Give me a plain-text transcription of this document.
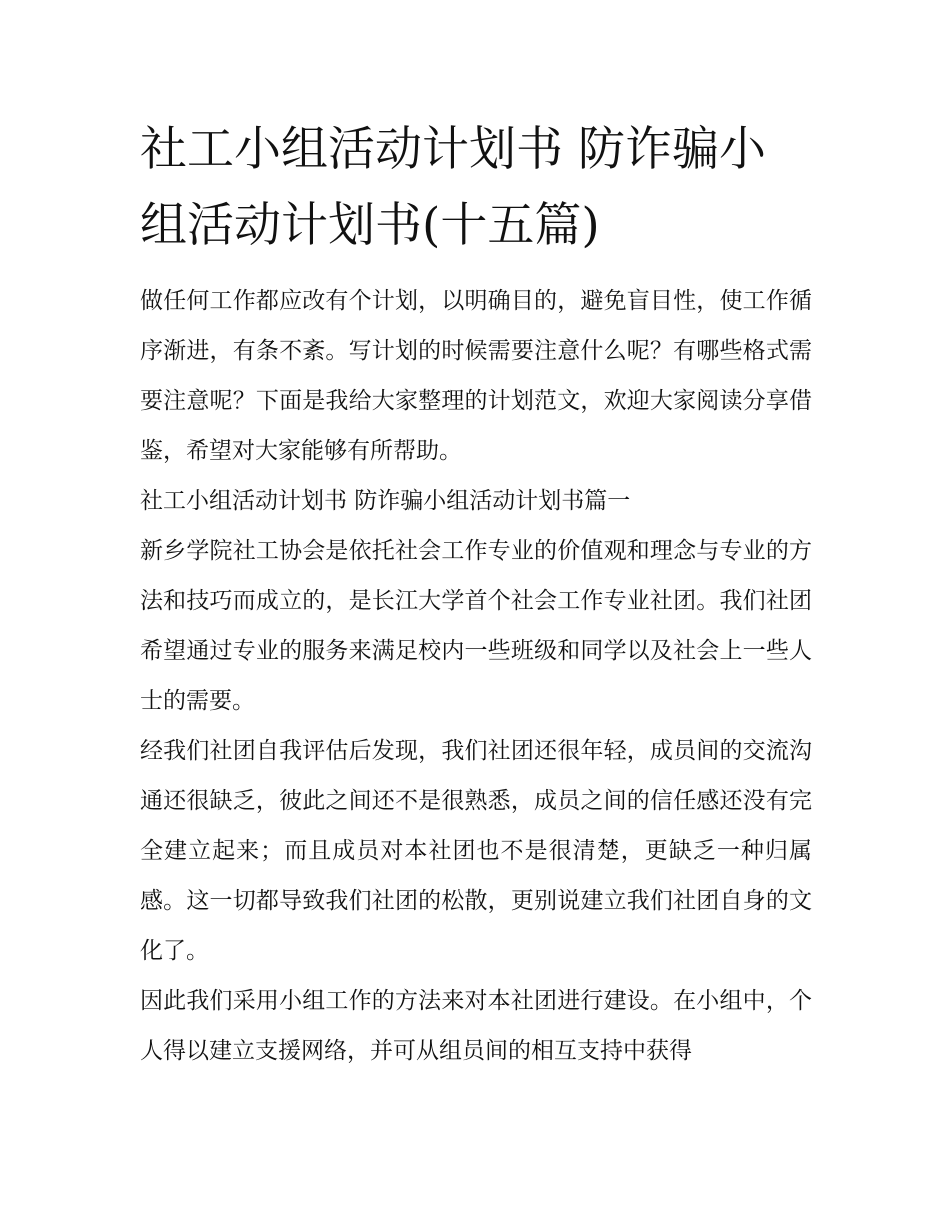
社工小组活动计划书 防诈骗小组活动计划书(十五篇)

做任何工作都应改有个计划，以明确目的，避免盲目性，使工作循序渐进，有条不紊。写计划的时候需要注意什么呢？有哪些格式需要注意呢？下面是我给大家整理的计划范文，欢迎大家阅读分享借鉴，希望对大家能够有所帮助。

社工小组活动计划书 防诈骗小组活动计划书篇一

新乡学院社工协会是依托社会工作专业的价值观和理念与专业的方法和技巧而成立的，是长江大学首个社会工作专业社团。我们社团希望通过专业的服务来满足校内一些班级和同学以及社会上一些人士的需要。

经我们社团自我评估后发现，我们社团还很年轻，成员间的交流沟通还很缺乏，彼此之间还不是很熟悉，成员之间的信任感还没有完全建立起来；而且成员对本社团也不是很清楚，更缺乏一种归属感。这一切都导致我们社团的松散，更别说建立我们社团自身的文化了。

因此我们采用小组工作的方法来对本社团进行建设。在小组中，个人得以建立支援网络，并可从组员间的相互支持中获得
